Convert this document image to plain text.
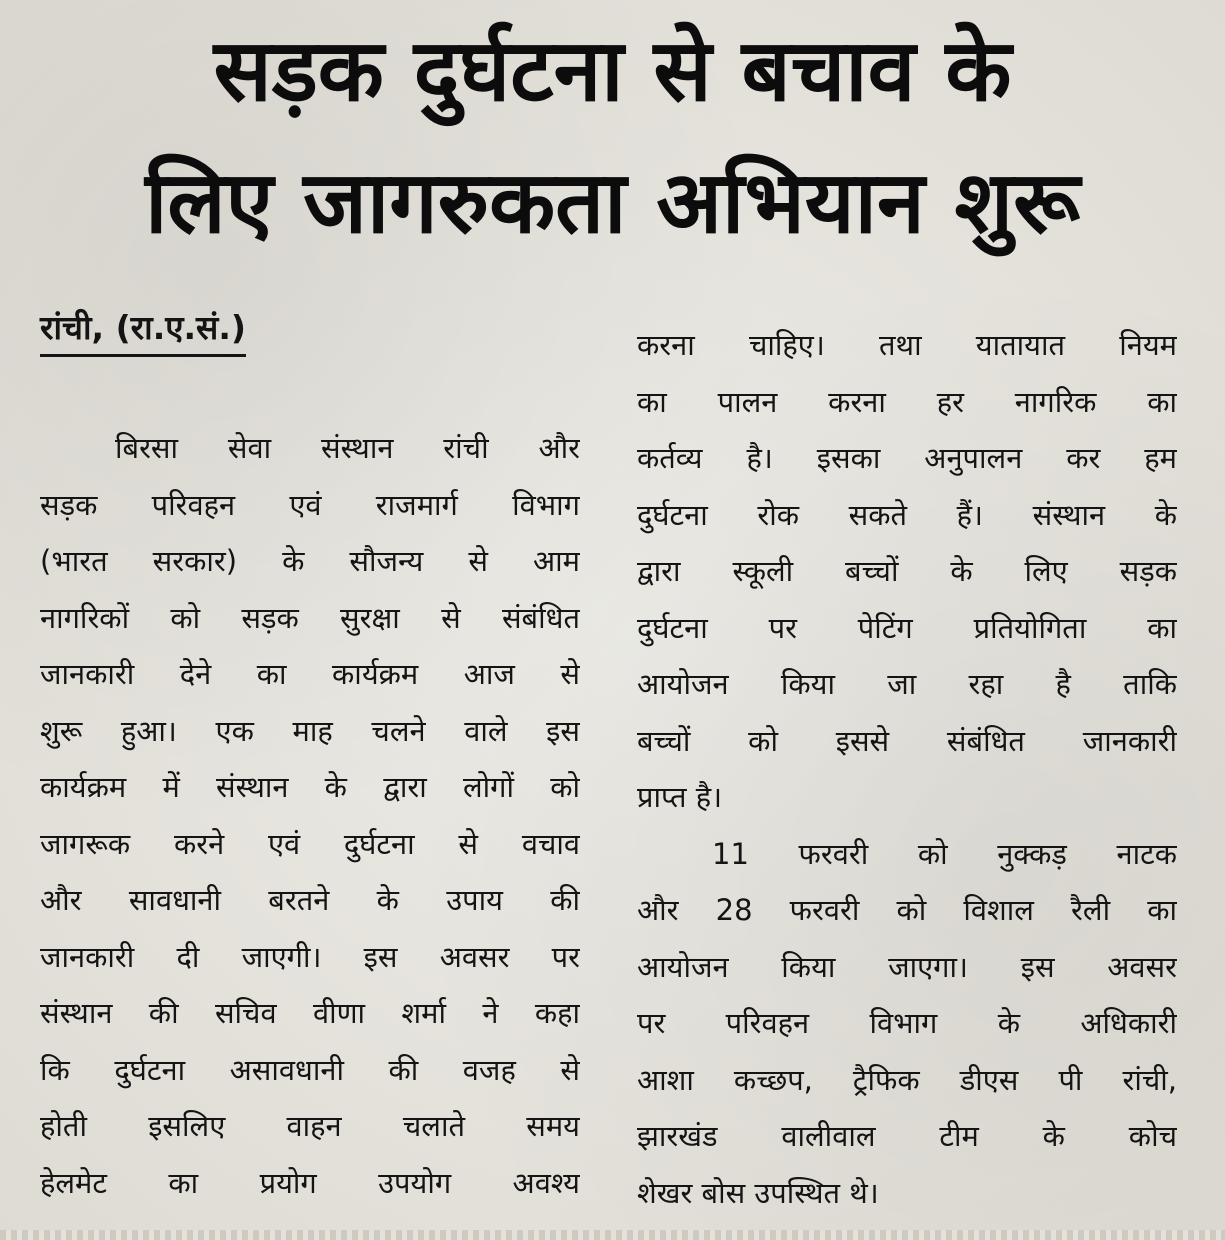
सड़क दुर्घटना से बचाव के
लिए जागरुकता अभियान शुरू
रांची, (रा.ए.सं.)
बिरसा सेवा संस्थान रांची और
सड़क परिवहन एवं राजमार्ग विभाग
(भारत सरकार) के सौजन्य से आम
नागरिकों को सड़क सुरक्षा से संबंधित
जानकारी देने का कार्यक्रम आज से
शुरू हुआ। एक माह चलने वाले इस
कार्यक्रम में संस्थान के द्वारा लोगों को
जागरूक करने एवं दुर्घटना से वचाव
और सावधानी बरतने के उपाय की
जानकारी दी जाएगी। इस अवसर पर
संस्थान की सचिव वीणा शर्मा ने कहा
कि दुर्घटना असावधानी की वजह से
होती इसलिए वाहन चलाते समय
हेलमेट का प्रयोग उपयोग अवश्य
करना चाहिए। तथा यातायात नियम
का पालन करना हर नागरिक का
कर्तव्य है। इसका अनुपालन कर हम
दुर्घटना रोक सकते हैं। संस्थान के
द्वारा स्कूली बच्चों के लिए सड़क
दुर्घटना पर पेटिंग प्रतियोगिता का
आयोजन किया जा रहा है ताकि
बच्चों को इससे संबंधित जानकारी
प्राप्त है।
11 फरवरी को नुक्कड़ नाटक
और 28 फरवरी को विशाल रैली का
आयोजन किया जाएगा। इस अवसर
पर परिवहन विभाग के अधिकारी
आशा कच्छप, ट्रैफिक डीएस पी रांची,
झारखंड वालीवाल टीम के कोच
शेखर बोस उपस्थित थे।
